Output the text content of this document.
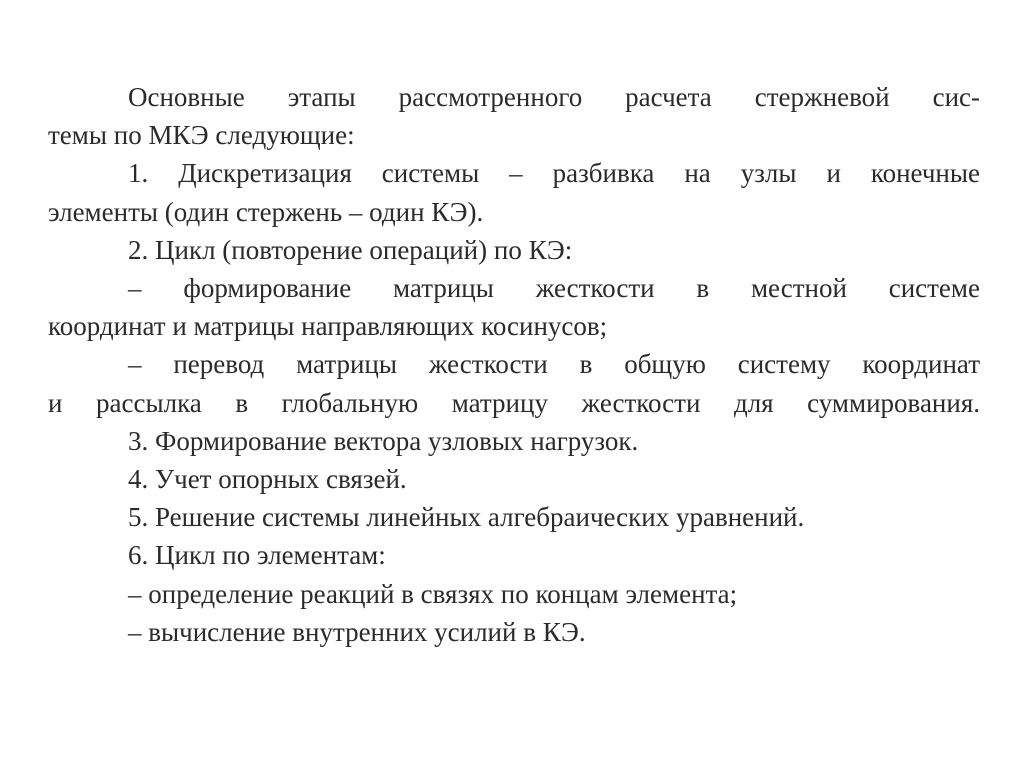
Основные этапы рассмотренного расчета стержневой сис-
темы по МКЭ следующие:
1. Дискретизация системы – разбивка на узлы и конечные
элементы (один стержень – один КЭ).
2. Цикл (повторение операций) по КЭ:
– формирование матрицы жесткости в местной системе
координат и матрицы направляющих косинусов;
– перевод матрицы жесткости в общую систему координат
и рассылка в глобальную матрицу жесткости для суммирования.
3. Формирование вектора узловых нагрузок.
4. Учет опорных связей.
5. Решение системы линейных алгебраических уравнений.
6. Цикл по элементам:
– определение реакций в связях по концам элемента;
– вычисление внутренних усилий в КЭ.
